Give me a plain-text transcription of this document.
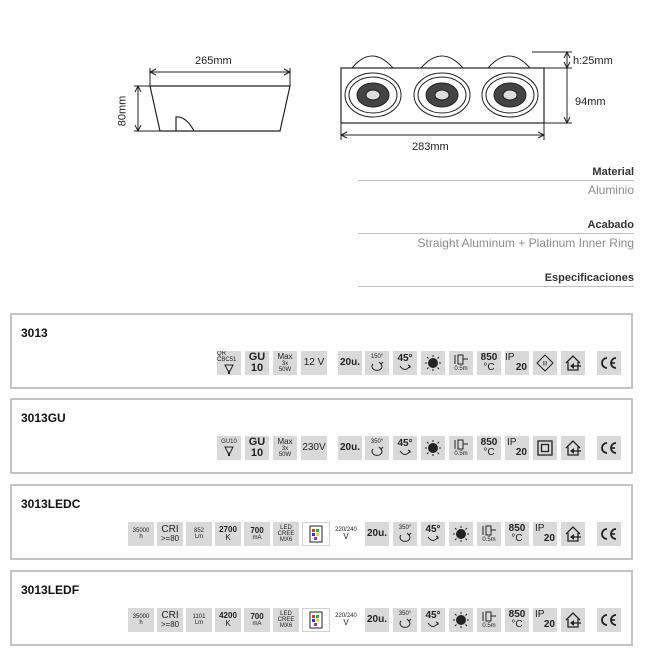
265mm
80mm
283mm
h:25mm
94mm
Material
Aluminio
Acabado
Straight Aluminum + Platinum Inner Ring
Especificaciones
3013
QR CBC51	GU
10
Max
3x
50W
12 V 20u. 150° 45°
0.5m
850
°C
IP
20	III
3013GU
GU10 GU
10
Max
3x
50W
230V 20u. 350° 45°
0.5m
850
°C
IP
20
3013LEDC
35000
h
CRI
>=80
852
Lm
2700
K
700
mA
LED
CREE
MX6
220/240
V 20u. 350° 45°
0.5m
850
°C
IP
20
3013LEDF
35000
h
CRI
>=80
1101
Lm
4200
K
700
mA
LED
CREE
MX6
220/240
V 20u. 350° 45°
0.5m
850
°C
IP
20
